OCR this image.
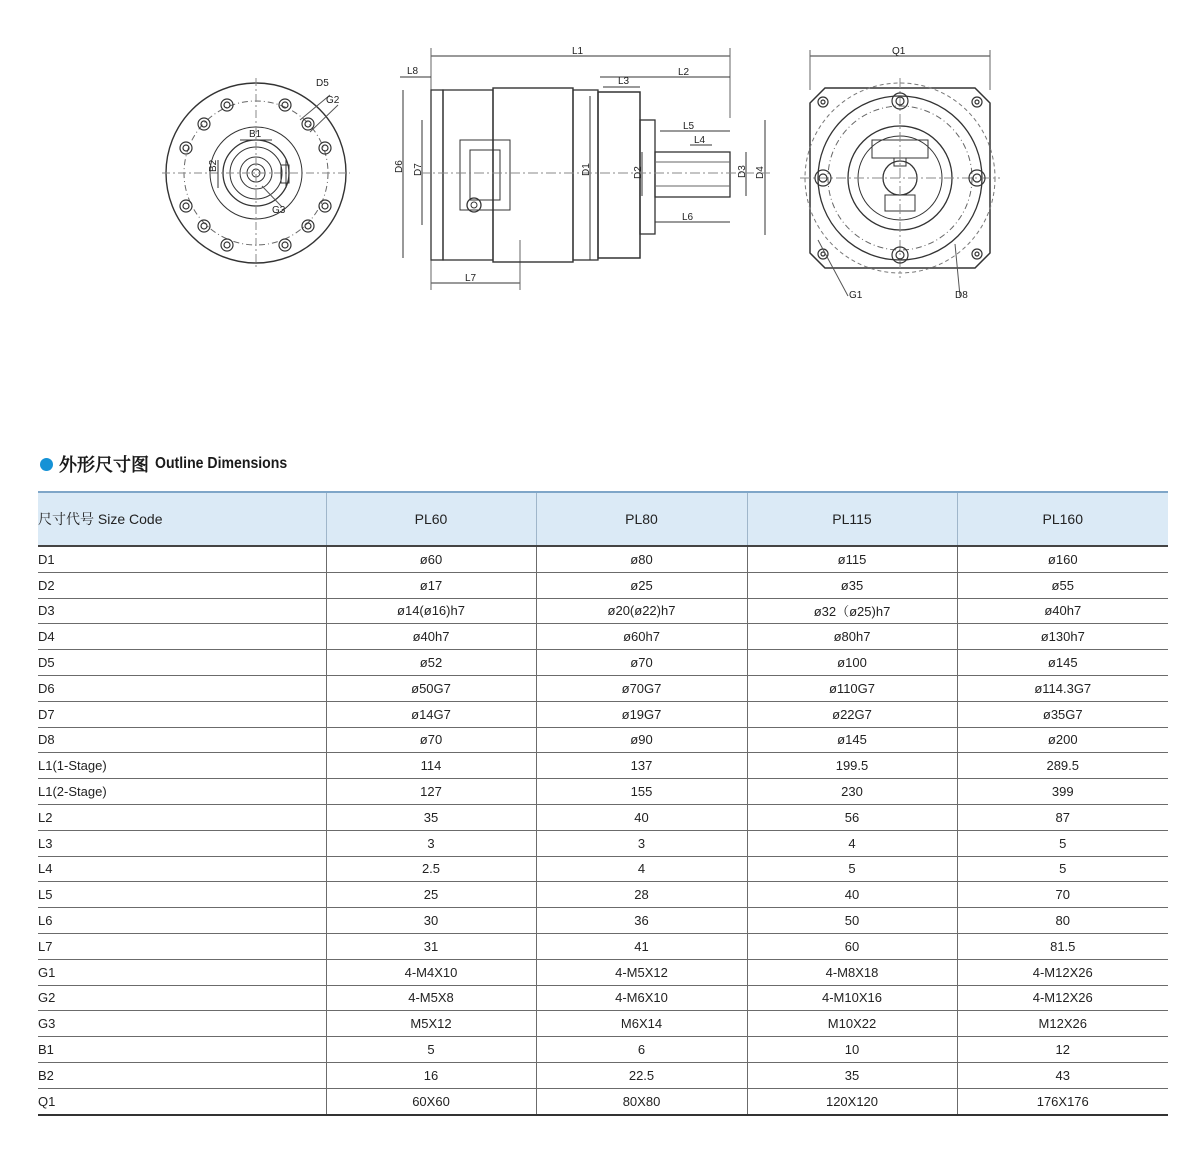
D5
G2
B1
B2
G3
L1
L8
L3
L2
L5
L4
D6 D7	D1	D2	D3 D4
L6
L7
Q1
G1	D8
外形尺寸图 Outline Dimensions
尺寸代号 Size Code	PL60	PL80	PL115	PL160
D1	ø60	ø80	ø115	ø160
D2	ø17	ø25	ø35	ø55
D3	ø14(ø16)h7	ø20(ø22)h7	ø32（ø25)h7	ø40h7
D4	ø40h7	ø60h7	ø80h7	ø130h7
D5	ø52	ø70	ø100	ø145
D6	ø50G7	ø70G7	ø110G7	ø114.3G7
D7	ø14G7	ø19G7	ø22G7	ø35G7
D8	ø70	ø90	ø145	ø200
L1(1-Stage)	114	137	199.5	289.5
L1(2-Stage)	127	155	230	399
L2	35	40	56	87
L3	3	3	4	5
L4	2.5	4	5	5
L5	25	28	40	70
L6	30	36	50	80
L7	31	41	60	81.5
G1	4-M4X10	4-M5X12	4-M8X18	4-M12X26
G2	4-M5X8	4-M6X10	4-M10X16	4-M12X26
G3	M5X12	M6X14	M10X22	M12X26
B1	5	6	10	12
B2	16	22.5	35	43
Q1	60X60	80X80	120X120	176X176
